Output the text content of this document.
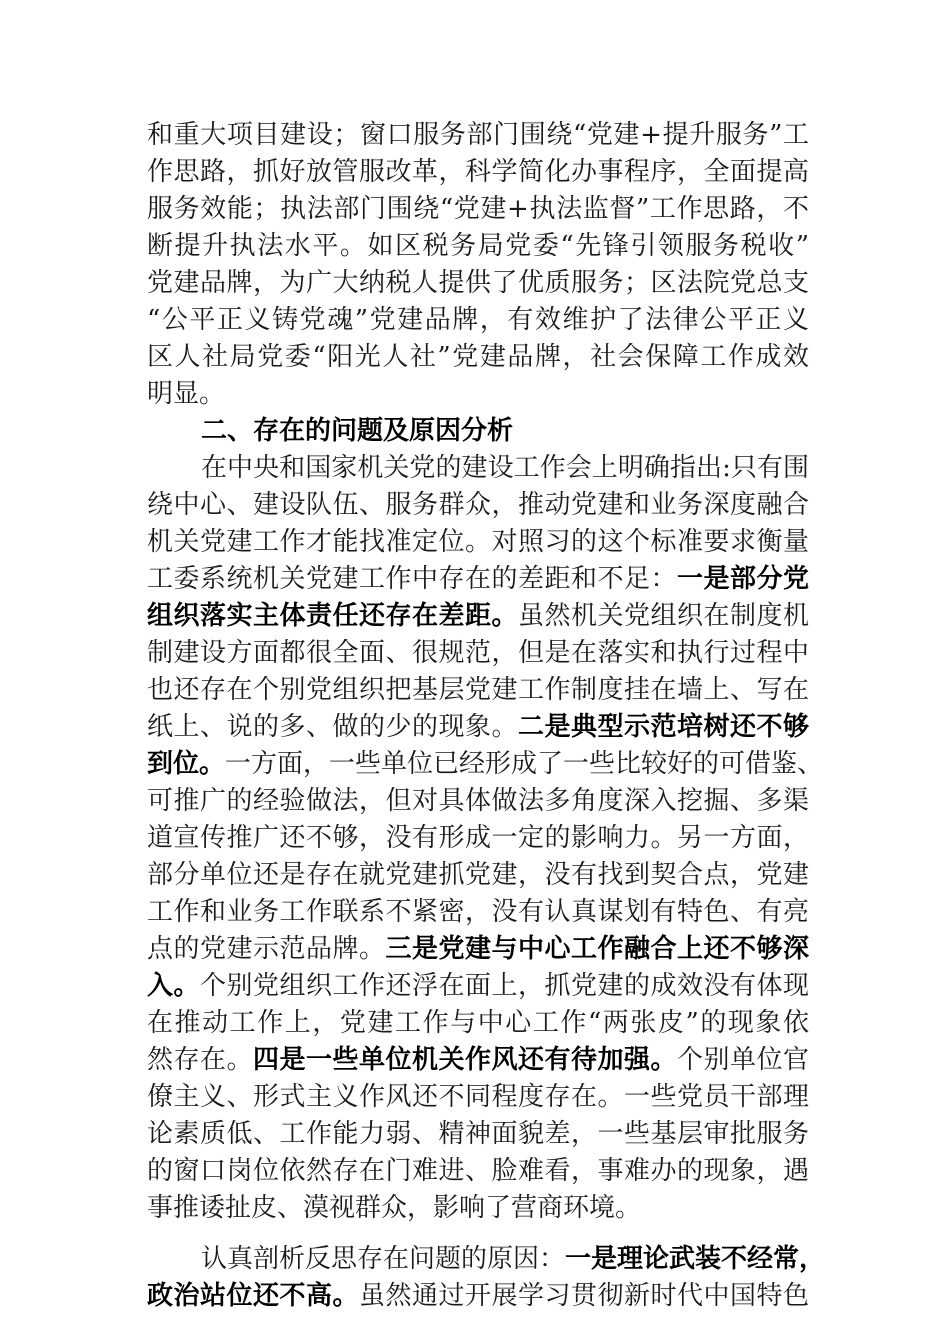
和重大项目建设；窗口服务部门围绕“党建+提升服务”工

作思路，抓好放管服改革，科学简化办事程序，全面提高

服务效能；执法部门围绕“党建+执法监督”工作思路，不

断提升执法水平。如区税务局党委“先锋引领服务税收”

党建品牌，为广大纳税人提供了优质服务；区法院党总支

“公平正义铸党魂”党建品牌，有效维护了法律公平正义

区人社局党委“阳光人社”党建品牌，社会保障工作成效

明显。

二、存在的问题及原因分析

在中央和国家机关党的建设工作会上明确指出:只有围

绕中心、建设队伍、服务群众，推动党建和业务深度融合

机关党建工作才能找准定位。对照习的这个标准要求衡量

工委系统机关党建工作中存在的差距和不足：一是部分党

组织落实主体责任还存在差距。虽然机关党组织在制度机

制建设方面都很全面、很规范，但是在落实和执行过程中

也还存在个别党组织把基层党建工作制度挂在墙上、写在

纸上、说的多、做的少的现象。二是典型示范培树还不够

到位。一方面，一些单位已经形成了一些比较好的可借鉴、

可推广的经验做法，但对具体做法多角度深入挖掘、多渠

道宣传推广还不够，没有形成一定的影响力。另一方面，

部分单位还是存在就党建抓党建，没有找到契合点，党建

工作和业务工作联系不紧密，没有认真谋划有特色、有亮

点的党建示范品牌。三是党建与中心工作融合上还不够深

入。个别党组织工作还浮在面上，抓党建的成效没有体现

在推动工作上，党建工作与中心工作“两张皮”的现象依

然存在。四是一些单位机关作风还有待加强。个别单位官

僚主义、形式主义作风还不同程度存在。一些党员干部理

论素质低、工作能力弱、精神面貌差，一些基层审批服务

的窗口岗位依然存在门难进、脸难看，事难办的现象，遇

事推诿扯皮、漠视群众，影响了营商环境。

认真剖析反思存在问题的原因：一是理论武装不经常，

政治站位还不高。虽然通过开展学习贯彻新时代中国特色
